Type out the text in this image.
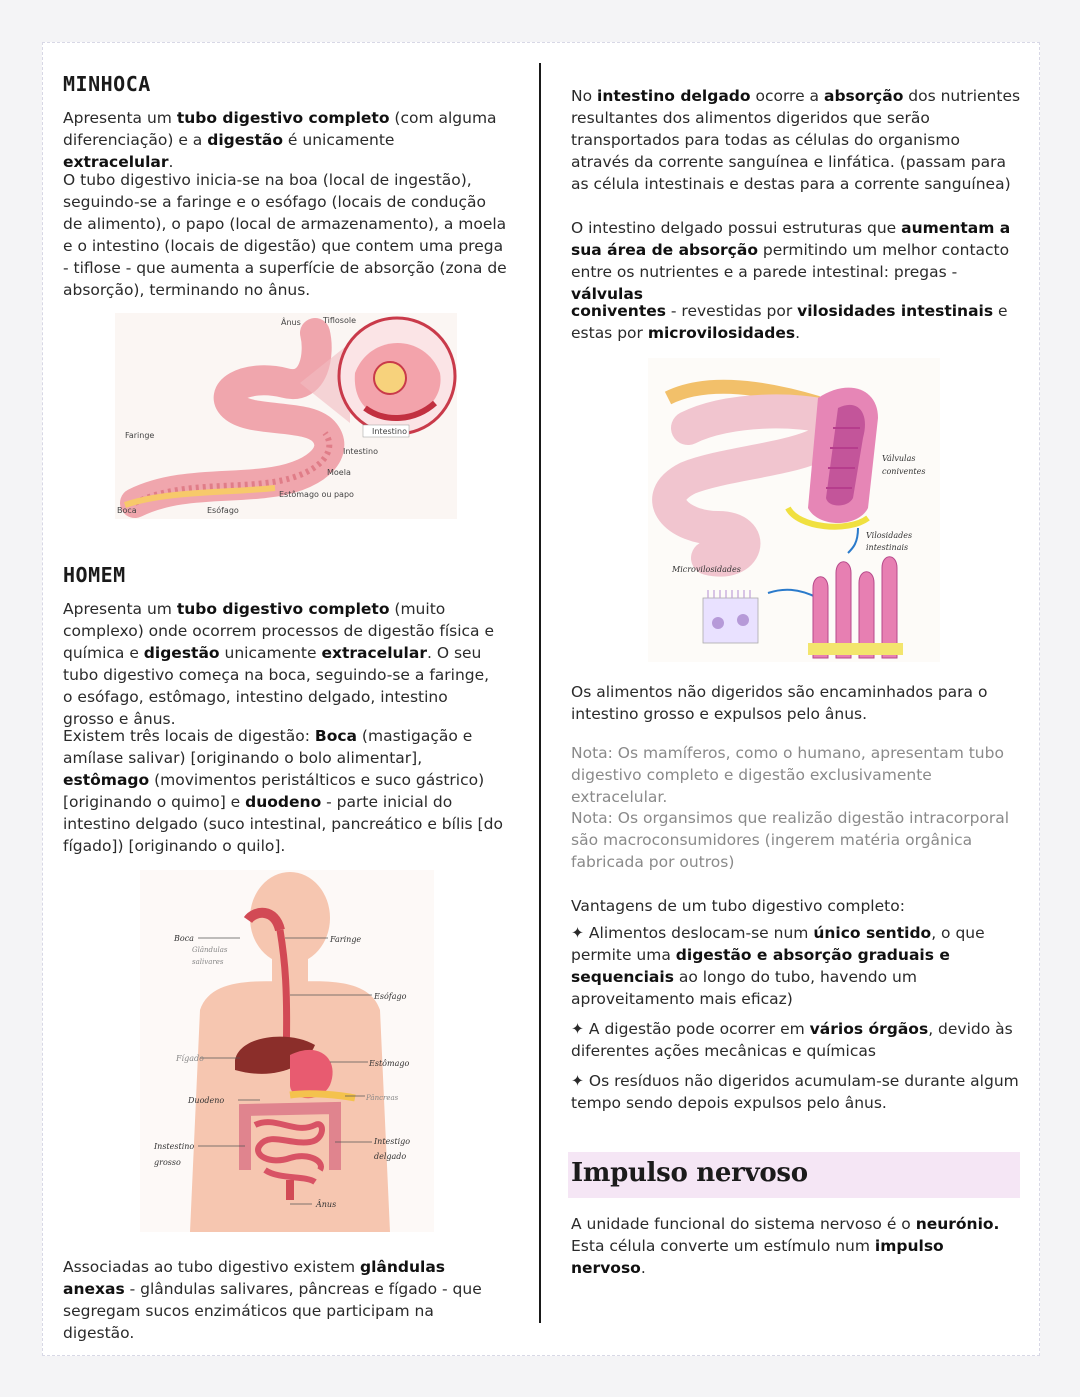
MINHOCA

Apresenta um tubo digestivo completo (com alguma diferenciação) e a digestão é unicamente extracelular.

O tubo digestivo inicia-se na boa (local de ingestão), seguindo-se a faringe e o esófago (locais de condução de alimento), o papo (local de armazenamento), a moela e o intestino (locais de digestão) que contem uma prega - tiflose - que aumenta a superfície de absorção (zona de absorção), terminando no ânus.

Intestino
Ânus	Tiflosole
Faringe
Intestino
Moela
Estômago ou papo
Boca	Esófago
HOMEM

Apresenta um tubo digestivo completo (muito complexo) onde ocorrem processos de digestão física e química e digestão unicamente extracelular. O seu tubo digestivo começa na boca, seguindo-se a faringe, o esófago, estômago, intestino delgado, intestino grosso e ânus.

Existem três locais de digestão: Boca (mastigação e amílase salivar) [originando o bolo alimentar], estômago (movimentos peristálticos e suco gástrico) [originando o quimo] e duodeno - parte inicial do intestino delgado (suco intestinal, pancreático e bílis [do fígado]) [originando o quilo].

Boca
Glândulas
salivares
Faringe
Esófago
Fígado
Estômago
Duodeno	Pâncreas
Instestino
grosso
Intestigo
delgado
Ânus

Associadas ao tubo digestivo existem glândulas anexas - glândulas salivares, pâncreas e fígado - que segregam sucos enzimáticos que participam na digestão.

No intestino delgado ocorre a absorção dos nutrientes resultantes dos alimentos digeridos que serão transportados para todas as células do organismo através da corrente sanguínea e linfática. (passam para as célula intestinais e destas para a corrente sanguínea)

O intestino delgado possui estruturas que aumentam a sua área de absorção permitindo um melhor contacto entre os nutrientes e a parede intestinal: pregas - válvulas

coniventes - revestidas por vilosidades intestinais e estas por microvilosidades.

Válvulas
coniventes
Vilosidades
intestinais
Microvilosidades

Os alimentos não digeridos são encaminhados para o intestino grosso e expulsos pelo ânus.

Nota: Os mamíferos, como o humano, apresentam tubo digestivo completo e digestão exclusivamente extracelular.

Nota: Os organsimos que realizão digestão intracorporal são macroconsumidores (ingerem matéria orgânica fabricada por outros)

Vantagens de um tubo digestivo completo:

✦ Alimentos deslocam-se num único sentido, o que permite uma digestão e absorção graduais e sequenciais ao longo do tubo, havendo um aproveitamento mais eficaz)

✦ A digestão pode ocorrer em vários órgãos, devido às diferentes ações mecânicas e químicas

✦ Os resíduos não digeridos acumulam-se durante algum tempo sendo depois expulsos pelo ânus.

Impulso nervoso

A unidade funcional do sistema nervoso é o neurónio. Esta célula converte um estímulo num impulso nervoso.
